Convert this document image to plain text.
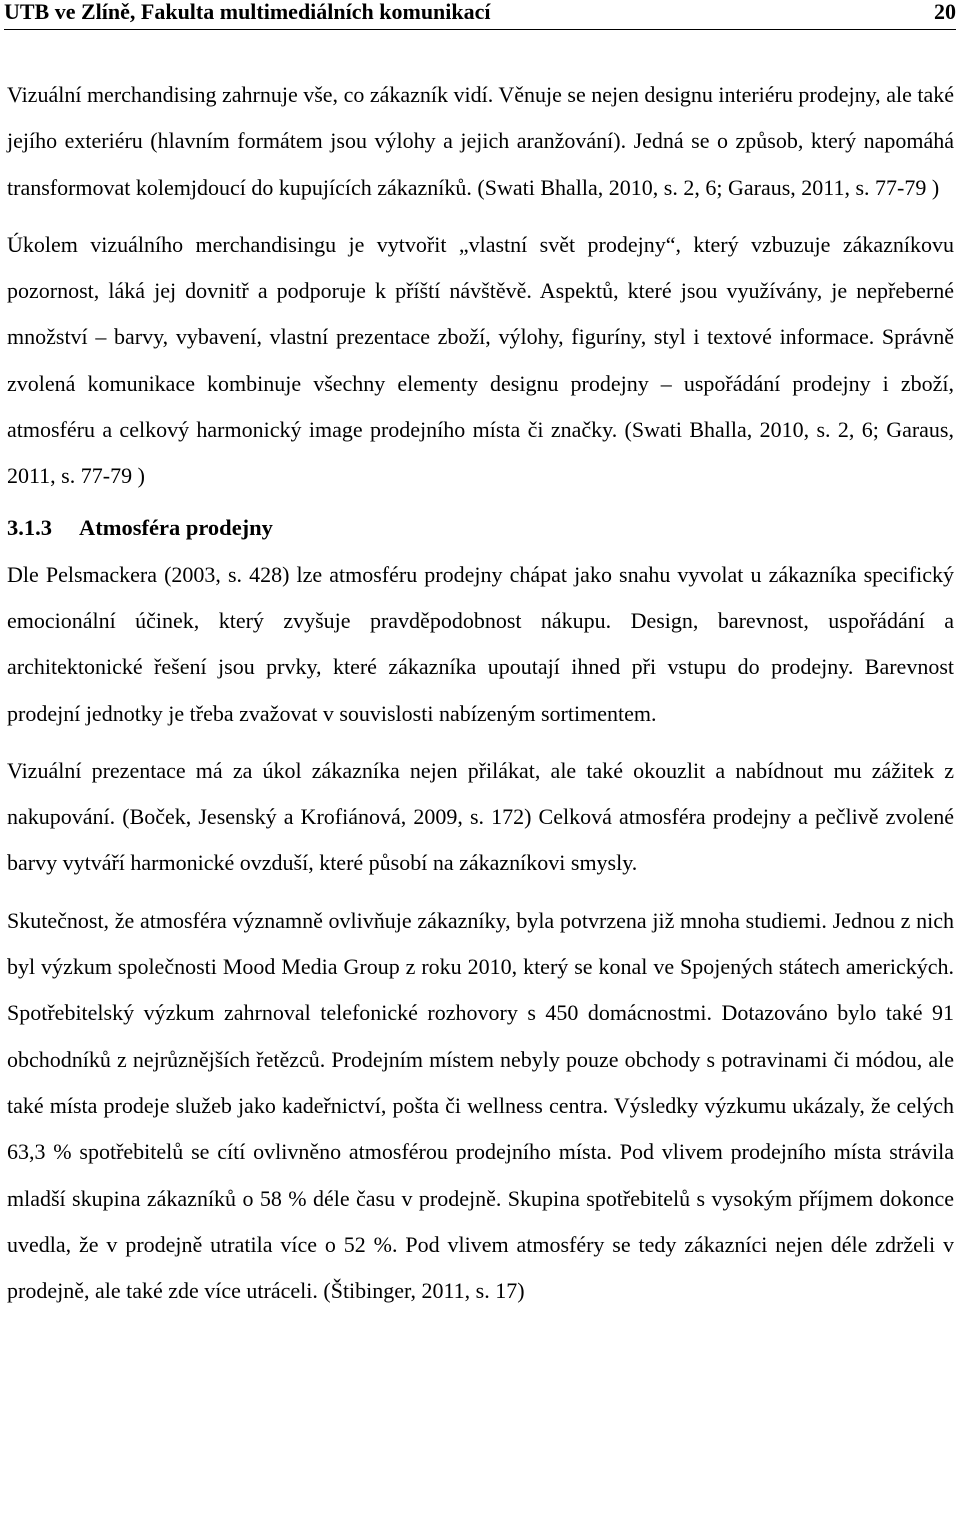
UTB ve Zlíně, Fakulta multimediálních komunikací	20

Vizuální merchandising zahrnuje vše, co zákazník vidí. Věnuje se nejen designu interiéru prodejny, ale také jejího exteriéru (hlavním formátem jsou výlohy a jejich aranžování). Jedná se o způsob, který napomáhá transformovat kolemjdoucí do kupujících zákazníků. (Swati Bhalla, 2010, s. 2, 6; Garaus, 2011, s. 77-79 )

Úkolem vizuálního merchandisingu je vytvořit „vlastní svět prodejny“, který vzbuzuje zákazníkovu pozornost, láká jej dovnitř a podporuje k příští návštěvě. Aspektů, které jsou využívány, je nepřeberné množství – barvy, vybavení, vlastní prezentace zboží, výlohy, figuríny, styl i textové informace. Správně zvolená komunikace kombinuje všechny elementy designu prodejny – uspořádání prodejny i zboží, atmosféru a celkový harmonický image prodejního místa či značky. (Swati Bhalla, 2010, s. 2, 6; Garaus, 2011, s. 77-79 )

3.1.3 Atmosféra prodejny

Dle Pelsmackera (2003, s. 428) lze atmosféru prodejny chápat jako snahu vyvolat u zákazníka specifický emocionální účinek, který zvyšuje pravděpodobnost nákupu. Design, barevnost, uspořádání a architektonické řešení jsou prvky, které zákazníka upoutají ihned při vstupu do prodejny. Barevnost prodejní jednotky je třeba zvažovat v souvislosti nabízeným sortimentem.

Vizuální prezentace má za úkol zákazníka nejen přilákat, ale také okouzlit a nabídnout mu zážitek z nakupování. (Boček, Jesenský a Krofiánová, 2009, s. 172) Celková atmosféra prodejny a pečlivě zvolené barvy vytváří harmonické ovzduší, které působí na zákazníkovi smysly.

Skutečnost, že atmosféra významně ovlivňuje zákazníky, byla potvrzena již mnoha studiemi. Jednou z nich byl výzkum společnosti Mood Media Group z roku 2010, který se konal ve Spojených státech amerických. Spotřebitelský výzkum zahrnoval telefonické rozhovory s 450 domácnostmi. Dotazováno bylo také 91 obchodníků z nejrůznějších řetězců. Prodejním místem nebyly pouze obchody s potravinami či módou, ale také místa prodeje služeb jako kadeřnictví, pošta či wellness centra. Výsledky výzkumu ukázaly, že celých 63,3 % spotřebitelů se cítí ovlivněno atmosférou prodejního místa. Pod vlivem prodejního místa strávila mladší skupina zákazníků o 58 % déle času v prodejně. Skupina spotřebitelů s vysokým příjmem dokonce uvedla, že v prodejně utratila více o 52 %. Pod vlivem atmosféry se tedy zákazníci nejen déle zdrželi v prodejně, ale také zde více utráceli. (Štibinger, 2011, s. 17)
